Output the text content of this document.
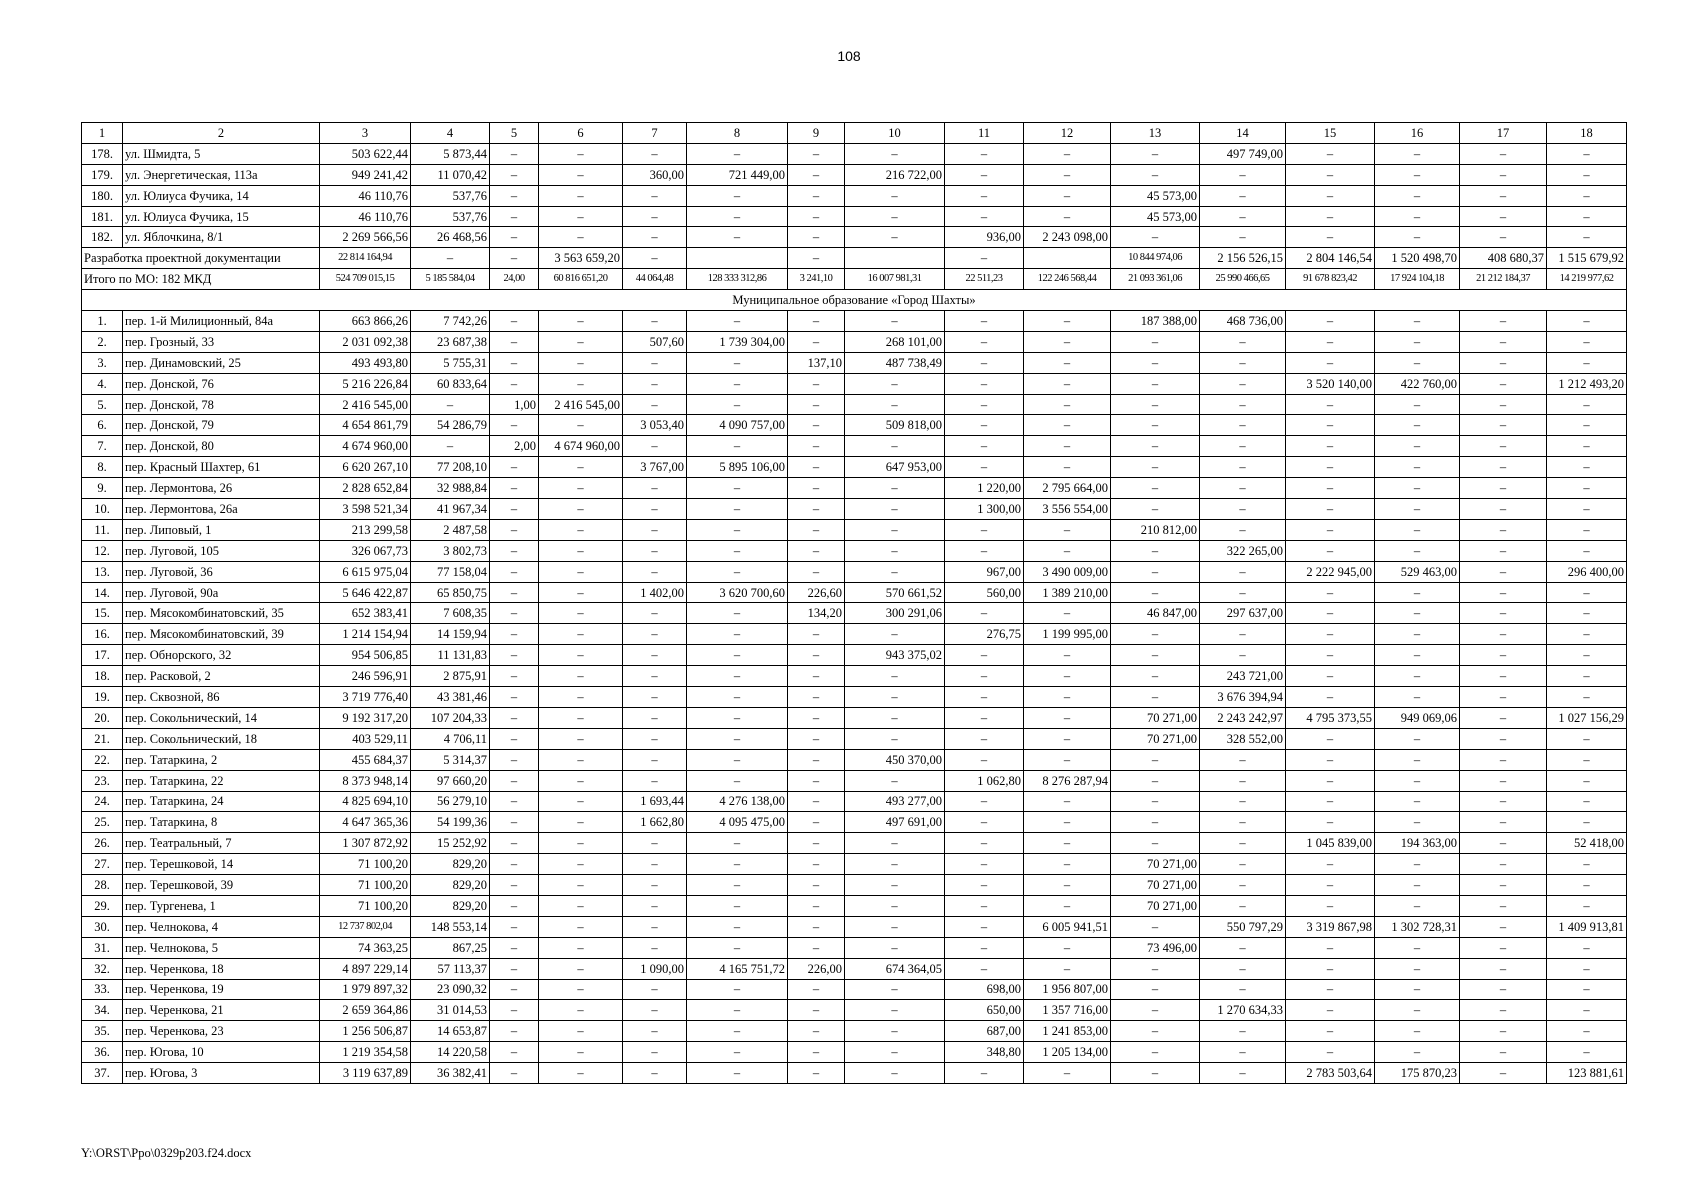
108
1	2	3	4	5	6	7	8	9	10	11	12	13	14	15	16	17	18
178.	ул. Шмидта, 5	503 622,44	5 873,44	–	–	–	–	–	–	–	–	–	497 749,00	–	–	–	–
179.	ул. Энергетическая, 113а	949 241,42	11 070,42	–	–	360,00	721 449,00	–	216 722,00	–	–	–	–	–	–	–	–
180.	ул. Юлиуса Фучика, 14	46 110,76	537,76	–	–	–	–	–	–	–	–	45 573,00	–	–	–	–	–
181.	ул. Юлиуса Фучика, 15	46 110,76	537,76	–	–	–	–	–	–	–	–	45 573,00	–	–	–	–	–
182.	ул. Яблочкина, 8/1	2 269 566,56	26 468,56	–	–	–	–	–	–	936,00	2 243 098,00	–	–	–	–	–	–
Разработка проектной документации		22 814 164,94	–	–	3 563 659,20	–		–		–		10 844 974,06	2 156 526,15	2 804 146,54	1 520 498,70	408 680,37	1 515 679,92
Итого по МО: 182 МКД		524 709 015,15	5 185 584,04	24,00	60 816 651,20	44 064,48	128 333 312,86	3 241,10	16 007 981,31	22 511,23	122 246 568,44	21 093 361,06	25 990 466,65	91 678 823,42	17 924 104,18	21 212 184,37	14 219 977,62
Муниципальное образование «Город Шахты»																	
1.	пер. 1-й Милиционный, 84а	663 866,26	7 742,26	–	–	–	–	–	–	–	–	187 388,00	468 736,00	–	–	–	–
2.	пер. Грозный, 33	2 031 092,38	23 687,38	–	–	507,60	1 739 304,00	–	268 101,00	–	–	–	–	–	–	–	–
3.	пер. Динамовский, 25	493 493,80	5 755,31	–	–	–	–	137,10	487 738,49	–	–	–	–	–	–	–	–
4.	пер. Донской, 76	5 216 226,84	60 833,64	–	–	–	–	–	–	–	–	–	–	3 520 140,00	422 760,00	–	1 212 493,20
5.	пер. Донской, 78	2 416 545,00	–	1,00	2 416 545,00	–	–	–	–	–	–	–	–	–	–	–	–
6.	пер. Донской, 79	4 654 861,79	54 286,79	–	–	3 053,40	4 090 757,00	–	509 818,00	–	–	–	–	–	–	–	–
7.	пер. Донской, 80	4 674 960,00	–	2,00	4 674 960,00	–	–	–	–	–	–	–	–	–	–	–	–
8.	пер. Красный Шахтер, 61	6 620 267,10	77 208,10	–	–	3 767,00	5 895 106,00	–	647 953,00	–	–	–	–	–	–	–	–
9.	пер. Лермонтова, 26	2 828 652,84	32 988,84	–	–	–	–	–	–	1 220,00	2 795 664,00	–	–	–	–	–	–
10.	пер. Лермонтова, 26а	3 598 521,34	41 967,34	–	–	–	–	–	–	1 300,00	3 556 554,00	–	–	–	–	–	–
11.	пер. Липовый, 1	213 299,58	2 487,58	–	–	–	–	–	–	–	–	210 812,00	–	–	–	–	–
12.	пер. Луговой, 105	326 067,73	3 802,73	–	–	–	–	–	–	–	–	–	322 265,00	–	–	–	–
13.	пер. Луговой, 36	6 615 975,04	77 158,04	–	–	–	–	–	–	967,00	3 490 009,00	–	–	2 222 945,00	529 463,00	–	296 400,00
14.	пер. Луговой, 90а	5 646 422,87	65 850,75	–	–	1 402,00	3 620 700,60	226,60	570 661,52	560,00	1 389 210,00	–	–	–	–	–	–
15.	пер. Мясокомбинатовский, 35	652 383,41	7 608,35	–	–	–	–	134,20	300 291,06	–	–	46 847,00	297 637,00	–	–	–	–
16.	пер. Мясокомбинатовский, 39	1 214 154,94	14 159,94	–	–	–	–	–	–	276,75	1 199 995,00	–	–	–	–	–	–
17.	пер. Обнорского, 32	954 506,85	11 131,83	–	–	–	–	–	943 375,02	–	–	–	–	–	–	–	–
18.	пер. Расковой, 2	246 596,91	2 875,91	–	–	–	–	–	–	–	–	–	243 721,00	–	–	–	–
19.	пер. Сквозной, 86	3 719 776,40	43 381,46	–	–	–	–	–	–	–	–	–	3 676 394,94	–	–	–	–
20.	пер. Сокольнический, 14	9 192 317,20	107 204,33	–	–	–	–	–	–	–	–	70 271,00	2 243 242,97	4 795 373,55	949 069,06	–	1 027 156,29
21.	пер. Сокольнический, 18	403 529,11	4 706,11	–	–	–	–	–	–	–	–	70 271,00	328 552,00	–	–	–	–
22.	пер. Татаркина, 2	455 684,37	5 314,37	–	–	–	–	–	450 370,00	–	–	–	–	–	–	–	–
23.	пер. Татаркина, 22	8 373 948,14	97 660,20	–	–	–	–	–	–	1 062,80	8 276 287,94	–	–	–	–	–	–
24.	пер. Татаркина, 24	4 825 694,10	56 279,10	–	–	1 693,44	4 276 138,00	–	493 277,00	–	–	–	–	–	–	–	–
25.	пер. Татаркина, 8	4 647 365,36	54 199,36	–	–	1 662,80	4 095 475,00	–	497 691,00	–	–	–	–	–	–	–	–
26.	пер. Театральный, 7	1 307 872,92	15 252,92	–	–	–	–	–	–	–	–	–	–	1 045 839,00	194 363,00	–	52 418,00
27.	пер. Терешковой, 14	71 100,20	829,20	–	–	–	–	–	–	–	–	70 271,00	–	–	–	–	–
28.	пер. Терешковой, 39	71 100,20	829,20	–	–	–	–	–	–	–	–	70 271,00	–	–	–	–	–
29.	пер. Тургенева, 1	71 100,20	829,20	–	–	–	–	–	–	–	–	70 271,00	–	–	–	–	–
30.	пер. Челнокова, 4	12 737 802,04	148 553,14	–	–	–	–	–	–	–	6 005 941,51	–	550 797,29	3 319 867,98	1 302 728,31	–	1 409 913,81
31.	пер. Челнокова, 5	74 363,25	867,25	–	–	–	–	–	–	–	–	73 496,00	–	–	–	–	–
32.	пер. Черенкова, 18	4 897 229,14	57 113,37	–	–	1 090,00	4 165 751,72	226,00	674 364,05	–	–	–	–	–	–	–	–
33.	пер. Черенкова, 19	1 979 897,32	23 090,32	–	–	–	–	–	–	698,00	1 956 807,00	–	–	–	–	–	–
34.	пер. Черенкова, 21	2 659 364,86	31 014,53	–	–	–	–	–	–	650,00	1 357 716,00	–	1 270 634,33	–	–	–	–
35.	пер. Черенкова, 23	1 256 506,87	14 653,87	–	–	–	–	–	–	687,00	1 241 853,00	–	–	–	–	–	–
36.	пер. Югова, 10	1 219 354,58	14 220,58	–	–	–	–	–	–	348,80	1 205 134,00	–	–	–	–	–	–
37.	пер. Югова, 3	3 119 637,89	36 382,41	–	–	–	–	–	–	–	–	–	–	2 783 503,64	175 870,23	–	123 881,61
Y:\ORST\Ppo\0329p203.f24.docx
